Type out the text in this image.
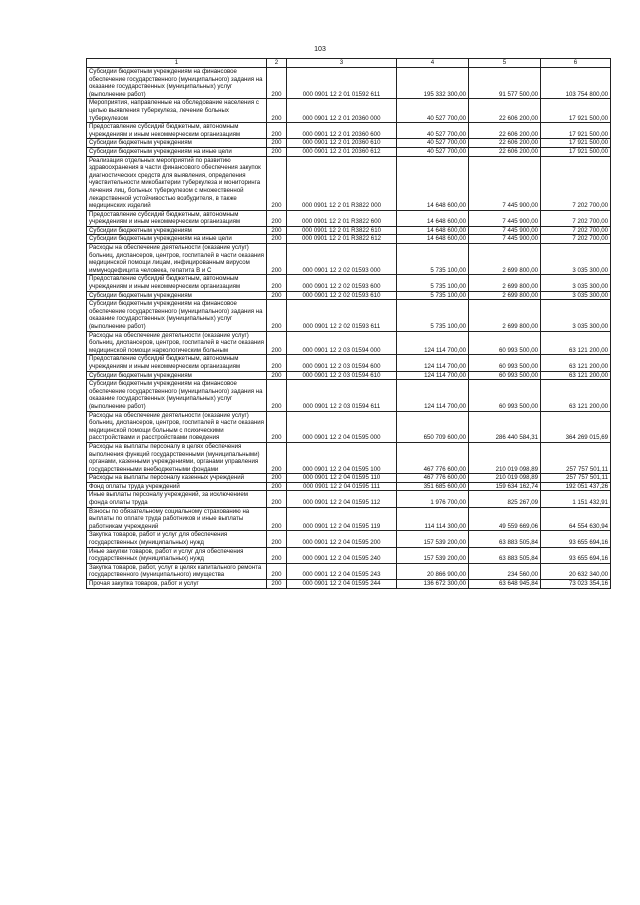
103
1	2	3	4	5	6
Субсидии бюджетным учреждениям на финансовое обеспечение государственного (муниципального) задания на оказание государственных (муниципальных) услуг (выполнение работ)	200	000 0901 12 2 01 01592 611	195 332 300,00	91 577 500,00	103 754 800,00
Мероприятия, направленные на обследование населения с целью выявления туберкулеза, лечение больных туберкулезом	200	000 0901 12 2 01 20360 000	40 527 700,00	22 606 200,00	17 921 500,00
Предоставление субсидий бюджетным, автономным учреждениям и иным некоммерческим организациям	200	000 0901 12 2 01 20360 600	40 527 700,00	22 606 200,00	17 921 500,00
Субсидии бюджетным учреждениям	200	000 0901 12 2 01 20360 610	40 527 700,00	22 606 200,00	17 921 500,00
Субсидии бюджетным учреждениям на иные цели	200	000 0901 12 2 01 20360 612	40 527 700,00	22 606 200,00	17 921 500,00
Реализация отдельных мероприятий по развитию здравоохранения в части финансового обеспечения закупок диагностических средств для выявления, определения чувствительности микобактерии туберкулеза и мониторинга лечения лиц, больных туберкулезом с множественной лекарственной устойчивостью возбудителя, в также медицинских изделий	200	000 0901 12 2 01 R3822 000	14 648 600,00	7 445 900,00	7 202 700,00
Предоставление субсидий бюджетным, автономным учреждениям и иным некоммерческим организациям	200	000 0901 12 2 01 R3822 600	14 648 600,00	7 445 900,00	7 202 700,00
Субсидии бюджетным учреждениям	200	000 0901 12 2 01 R3822 610	14 648 600,00	7 445 900,00	7 202 700,00
Субсидии бюджетным учреждениям на иные цели	200	000 0901 12 2 01 R3822 612	14 648 600,00	7 445 900,00	7 202 700,00
Расходы на обеспечение деятельности (оказание услуг) больниц, диспансеров, центров, госпиталей в части оказания медицинской помощи лицам, инфицированным вирусом иммунодефицита человека, гепатита В и С	200	000 0901 12 2 02 01593 000	5 735 100,00	2 699 800,00	3 035 300,00
Предоставление субсидий бюджетным, автономным учреждениям и иным некоммерческим организациям	200	000 0901 12 2 02 01593 600	5 735 100,00	2 699 800,00	3 035 300,00
Субсидии бюджетным учреждениям	200	000 0901 12 2 02 01593 610	5 735 100,00	2 699 800,00	3 035 300,00
Субсидии бюджетным учреждениям на финансовое обеспечение государственного (муниципального) задания на оказание государственных (муниципальных) услуг (выполнение работ)	200	000 0901 12 2 02 01593 611	5 735 100,00	2 699 800,00	3 035 300,00
Расходы на обеспечение деятельности (оказание услуг) больниц, диспансеров, центров, госпиталей в части оказания медицинской помощи наркологическим больным	200	000 0901 12 2 03 01594 000	124 114 700,00	60 993 500,00	63 121 200,00
Предоставление субсидий бюджетным, автономным учреждениям и иным некоммерческим организациям	200	000 0901 12 2 03 01594 600	124 114 700,00	60 993 500,00	63 121 200,00
Субсидии бюджетным учреждениям	200	000 0901 12 2 03 01594 610	124 114 700,00	60 993 500,00	63 121 200,00
Субсидии бюджетным учреждениям на финансовое обеспечение государственного (муниципального) задания на оказание государственных (муниципальных) услуг (выполнение работ)	200	000 0901 12 2 03 01594 611	124 114 700,00	60 993 500,00	63 121 200,00
Расходы на обеспечение деятельности (оказание услуг) больниц, диспансеров, центров, госпиталей в части оказания медицинской помощи больным с психическими расстройствами и расстройствами поведения	200	000 0901 12 2 04 01595 000	650 709 600,00	286 440 584,31	364 269 015,69
Расходы на выплаты персоналу в целях обеспечения выполнения функций государственными (муниципальными) органами, казенными учреждениями, органами управления государственными внебюджетными фондами	200	000 0901 12 2 04 01595 100	467 776 600,00	210 019 098,89	257 757 501,11
Расходы на выплаты персоналу казенных учреждений	200	000 0901 12 2 04 01595 110	467 776 600,00	210 019 098,89	257 757 501,11
Фонд оплаты труда учреждений	200	000 0901 12 2 04 01595 111	351 685 600,00	159 634 162,74	192 051 437,26
Иные выплаты персоналу учреждений, за исключением фонда оплаты труда	200	000 0901 12 2 04 01595 112	1 976 700,00	825 267,09	1 151 432,91
Взносы по обязательному социальному страхованию на выплаты по оплате труда работников и иные выплаты работникам учреждений	200	000 0901 12 2 04 01595 119	114 114 300,00	49 559 669,06	64 554 630,94
Закупка товаров, работ и услуг для обеспечения государственных (муниципальных) нужд	200	000 0901 12 2 04 01595 200	157 539 200,00	63 883 505,84	93 655 694,16
Иные закупки товаров, работ и услуг для обеспечения государственных (муниципальных) нужд	200	000 0901 12 2 04 01595 240	157 539 200,00	63 883 505,84	93 655 694,16
Закупка товаров, работ, услуг в целях капитального ремонта государственного (муниципального) имущества	200	000 0901 12 2 04 01595 243	20 866 900,00	234 560,00	20 632 340,00
Прочая закупка товаров, работ и услуг	200	000 0901 12 2 04 01595 244	136 672 300,00	63 648 945,84	73 023 354,16
